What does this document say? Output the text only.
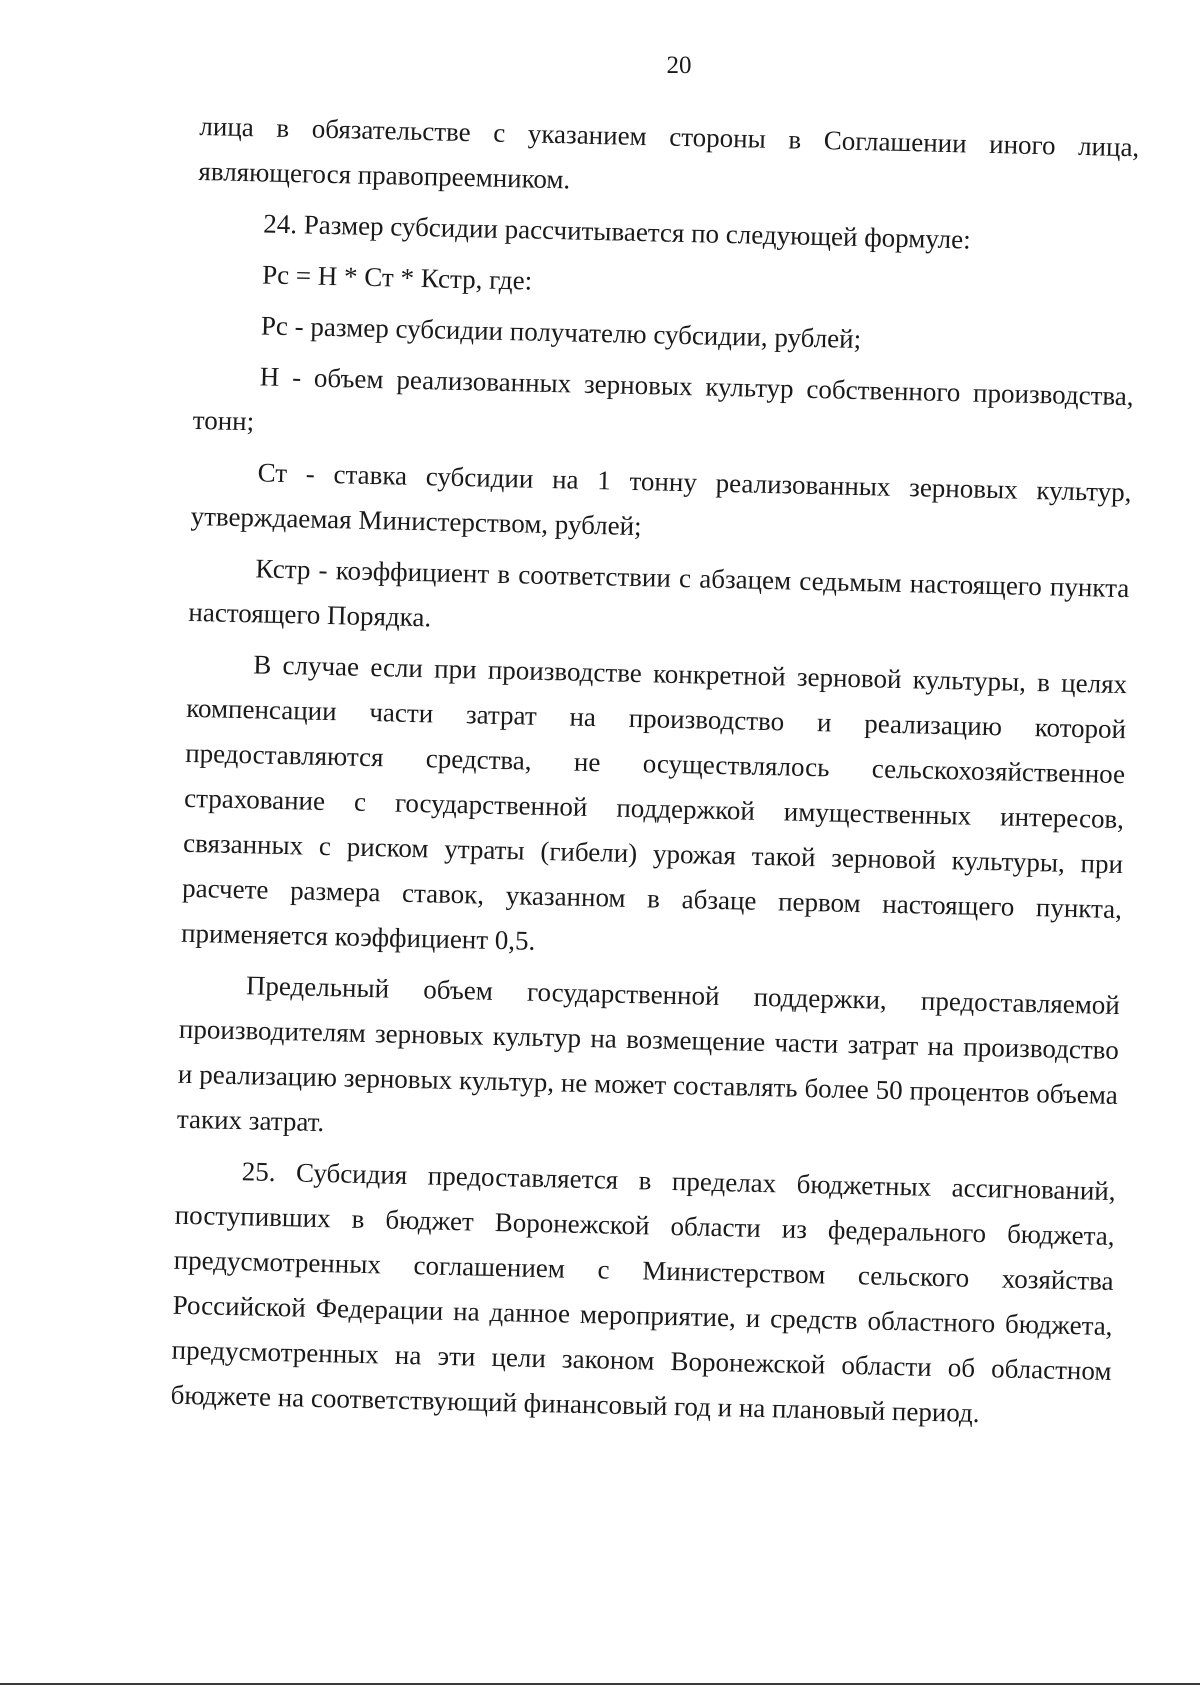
20

лица в обязательстве с указанием стороны в Соглашении иного лица, являющегося правопреемником.

24. Размер субсидии рассчитывается по следующей формуле:

Рс = Н * Ст * Кстр, где:

Рс - размер субсидии получателю субсидии, рублей;

Н - объем реализованных зерновых культур собственного производства, тонн;

Ст - ставка субсидии на 1 тонну реализованных зерновых культур, утверждаемая Министерством, рублей;

Кстр - коэффициент в соответствии с абзацем седьмым настоящего пункта настоящего Порядка.

В случае если при производстве конкретной зерновой культуры, в целях компенсации части затрат на производство и реализацию которой предоставляются средства, не осуществлялось сельскохозяйственное страхование с государственной поддержкой имущественных интересов, связанных с риском утраты (гибели) урожая такой зерновой культуры, при расчете размера ставок, указанном в абзаце первом настоящего пункта, применяется коэффициент 0,5.

Предельный объем государственной поддержки, предоставляемой производителям зерновых культур на возмещение части затрат на производство и реализацию зерновых культур, не может составлять более 50 процентов объема таких затрат.

25. Субсидия предоставляется в пределах бюджетных ассигнований, поступивших в бюджет Воронежской области из федерального бюджета, предусмотренных соглашением с Министерством сельского хозяйства Российской Федерации на данное мероприятие, и средств областного бюджета, предусмотренных на эти цели законом Воронежской области об областном бюджете на соответствующий финансовый год и на плановый период.
